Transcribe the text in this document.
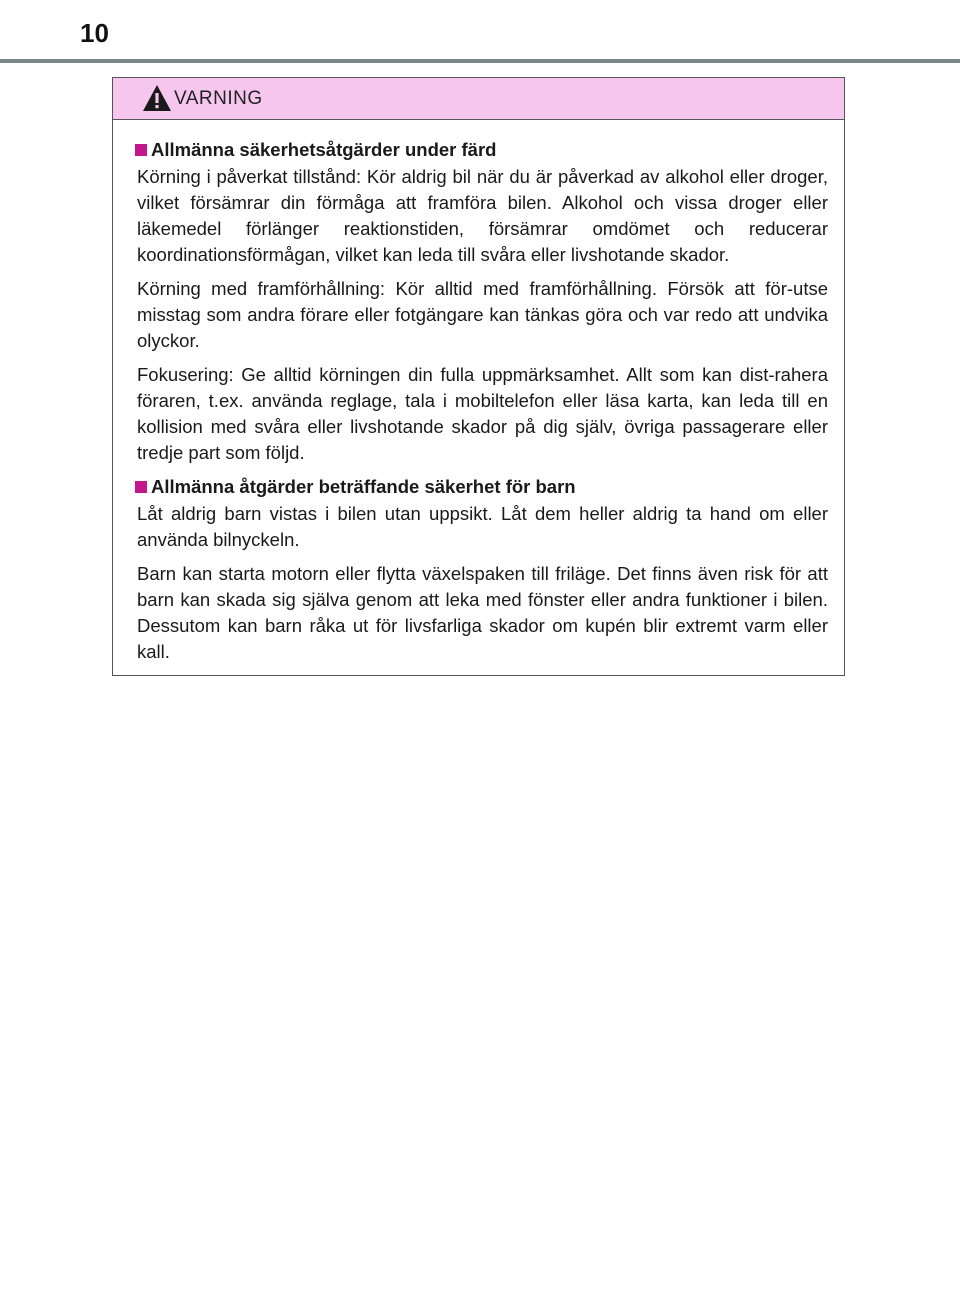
10
VARNING
Allmänna säkerhetsåtgärder under färd

Körning i påverkat tillstånd: Kör aldrig bil när du är påverkad av alkohol eller droger, vilket försämrar din förmåga att framföra bilen. Alkohol och vissa droger eller läkemedel förlänger reaktionstiden, försämrar omdömet och reducerar koordinationsförmågan, vilket kan leda till svåra eller livshotande skador.

Körning med framförhållning: Kör alltid med framförhållning. Försök att för-utse misstag som andra förare eller fotgängare kan tänkas göra och var redo att undvika olyckor.

Fokusering: Ge alltid körningen din fulla uppmärksamhet. Allt som kan dist-rahera föraren, t.ex. använda reglage, tala i mobiltelefon eller läsa karta, kan leda till en kollision med svåra eller livshotande skador på dig själv, övriga passagerare eller tredje part som följd.

Allmänna åtgärder beträffande säkerhet för barn

Låt aldrig barn vistas i bilen utan uppsikt. Låt dem heller aldrig ta hand om eller använda bilnyckeln.

Barn kan starta motorn eller flytta växelspaken till friläge. Det finns även risk för att barn kan skada sig själva genom att leka med fönster eller andra funktioner i bilen. Dessutom kan barn råka ut för livsfarliga skador om kupén blir extremt varm eller kall.
